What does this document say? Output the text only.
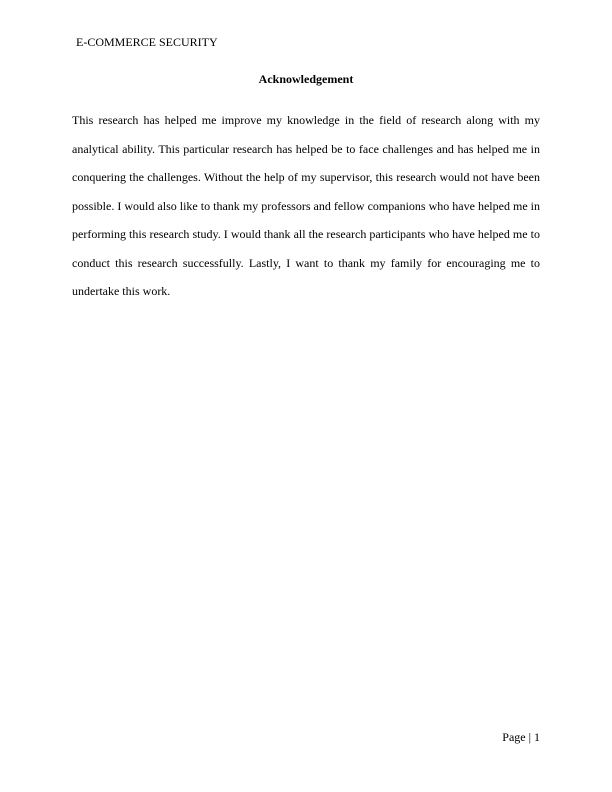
E-COMMERCE SECURITY
Acknowledgement

This research has helped me improve my knowledge in the field of research along with my analytical ability. This particular research has helped be to face challenges and has helped me in conquering the challenges. Without the help of my supervisor, this research would not have been possible. I would also like to thank my professors and fellow companions who have helped me in performing this research study. I would thank all the research participants who have helped me to conduct this research successfully. Lastly, I want to thank my family for encouraging me to undertake this work.

Page | 1
